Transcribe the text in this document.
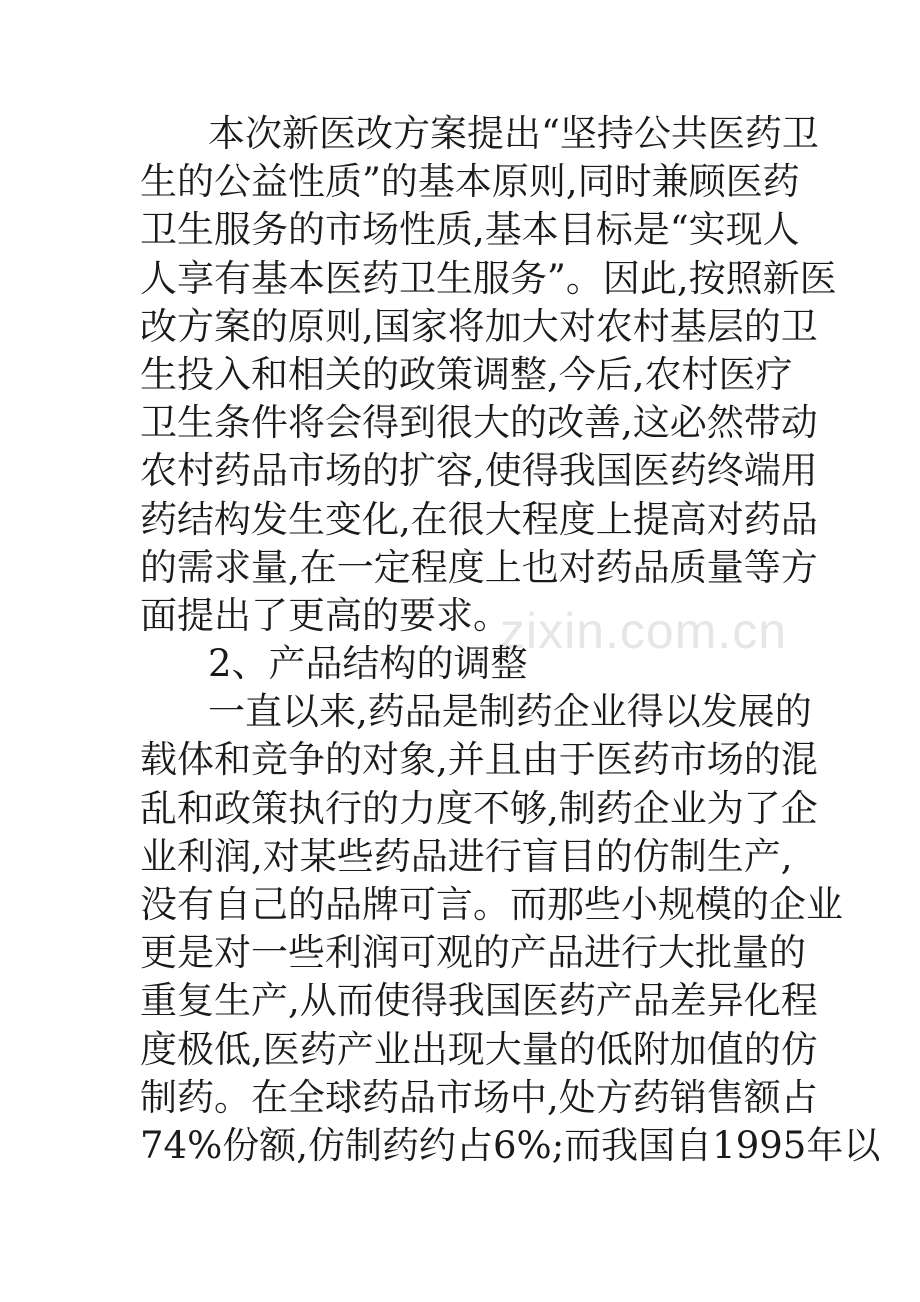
zixin.com.cn
本次新医改方案提出“坚持公共医药卫
生的公益性质”的基本原则,同时兼顾医药
卫生服务的市场性质,基本目标是“实现人
人享有基本医药卫生服务”。因此,按照新医
改方案的原则,国家将加大对农村基层的卫
生投入和相关的政策调整,今后,农村医疗
卫生条件将会得到很大的改善,这必然带动
农村药品市场的扩容,使得我国医药终端用
药结构发生变化,在很大程度上提高对药品
的需求量,在一定程度上也对药品质量等方
面提出了更高的要求。
2、产品结构的调整
一直以来,药品是制药企业得以发展的
载体和竞争的对象,并且由于医药市场的混
乱和政策执行的力度不够,制药企业为了企
业利润,对某些药品进行盲目的仿制生产,
没有自己的品牌可言。而那些小规模的企业
更是对一些利润可观的产品进行大批量的
重复生产,从而使得我国医药产品差异化程
度极低,医药产业出现大量的低附加值的仿
制药。在全球药品市场中,处方药销售额占
74%份额,仿制药约占6%;而我国自1995年以
